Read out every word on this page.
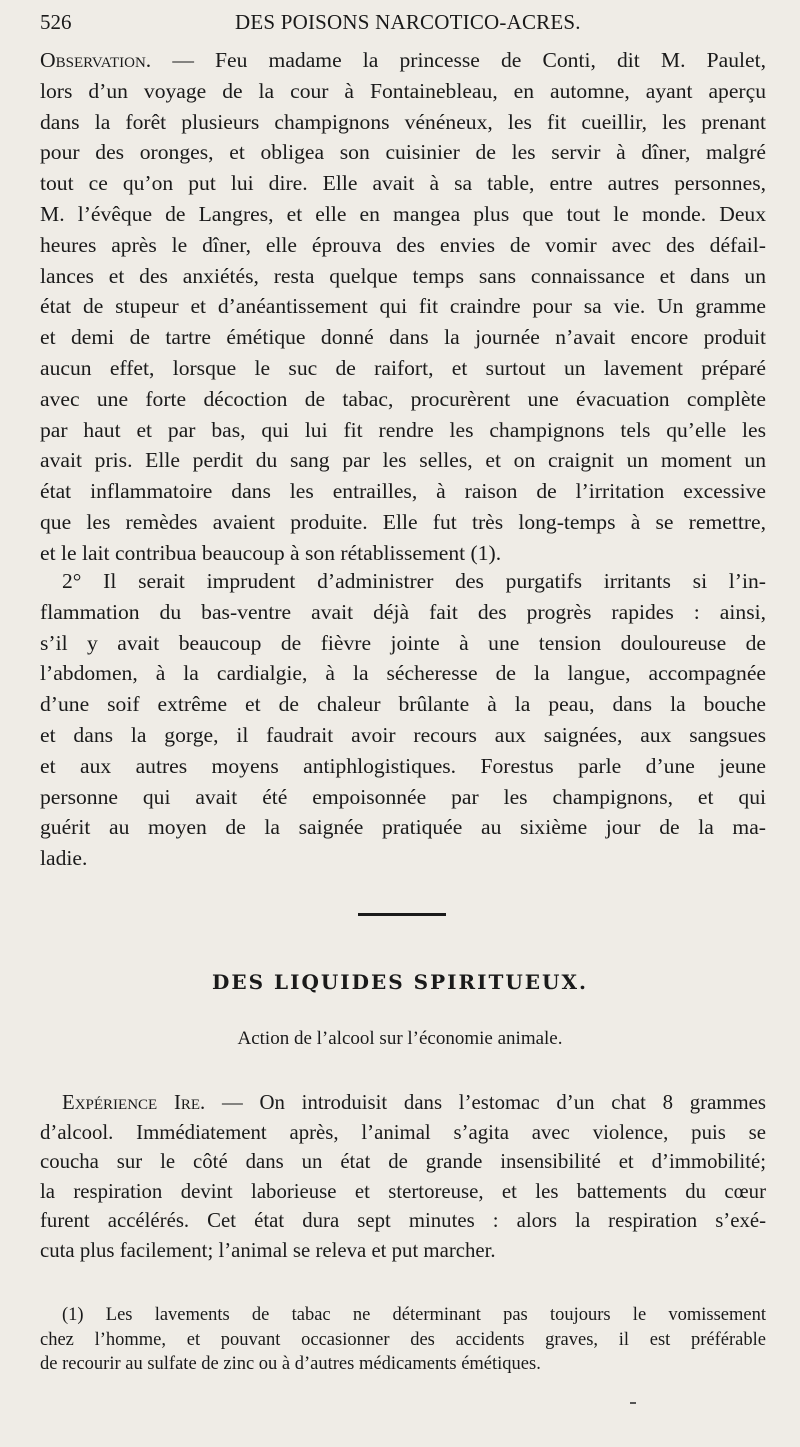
526	DES POISONS NARCOTICO-ACRES.
Observation. — Feu madame la princesse de Conti, dit M. Paulet,
lors d’un voyage de la cour à Fontainebleau, en automne, ayant aperçu
dans la forêt plusieurs champignons vénéneux, les fit cueillir, les prenant
pour des oronges, et obligea son cuisinier de les servir à dîner, malgré
tout ce qu’on put lui dire. Elle avait à sa table, entre autres personnes,
M. l’évêque de Langres, et elle en mangea plus que tout le monde. Deux
heures après le dîner, elle éprouva des envies de vomir avec des défail-
lances et des anxiétés, resta quelque temps sans connaissance et dans un
état de stupeur et d’anéantissement qui fit craindre pour sa vie. Un gramme
et demi de tartre émétique donné dans la journée n’avait encore produit
aucun effet, lorsque le suc de raifort, et surtout un lavement préparé
avec une forte décoction de tabac, procurèrent une évacuation complète
par haut et par bas, qui lui fit rendre les champignons tels qu’elle les
avait pris. Elle perdit du sang par les selles, et on craignit un moment un
état inflammatoire dans les entrailles, à raison de l’irritation excessive
que les remèdes avaient produite. Elle fut très long-temps à se remettre,
et le lait contribua beaucoup à son rétablissement (1).
2° Il serait imprudent d’administrer des purgatifs irritants si l’in-
flammation du bas-ventre avait déjà fait des progrès rapides : ainsi,
s’il y avait beaucoup de fièvre jointe à une tension douloureuse de
l’abdomen, à la cardialgie, à la sécheresse de la langue, accompagnée
d’une soif extrême et de chaleur brûlante à la peau, dans la bouche
et dans la gorge, il faudrait avoir recours aux saignées, aux sangsues
et aux autres moyens antiphlogistiques. Forestus parle d’une jeune
personne qui avait été empoisonnée par les champignons, et qui
guérit au moyen de la saignée pratiquée au sixième jour de la ma-
ladie.
DES LIQUIDES SPIRITUEUX.
Action de l’alcool sur l’économie animale.
Expérience Ire. — On introduisit dans l’estomac d’un chat 8 grammes
d’alcool. Immédiatement après, l’animal s’agita avec violence, puis se
coucha sur le côté dans un état de grande insensibilité et d’immobilité;
la respiration devint laborieuse et stertoreuse, et les battements du cœur
furent accélérés. Cet état dura sept minutes : alors la respiration s’exé-
cuta plus facilement; l’animal se releva et put marcher.
(1) Les lavements de tabac ne déterminant pas toujours le vomissement
chez l’homme, et pouvant occasionner des accidents graves, il est préférable
de recourir au sulfate de zinc ou à d’autres médicaments émétiques.
